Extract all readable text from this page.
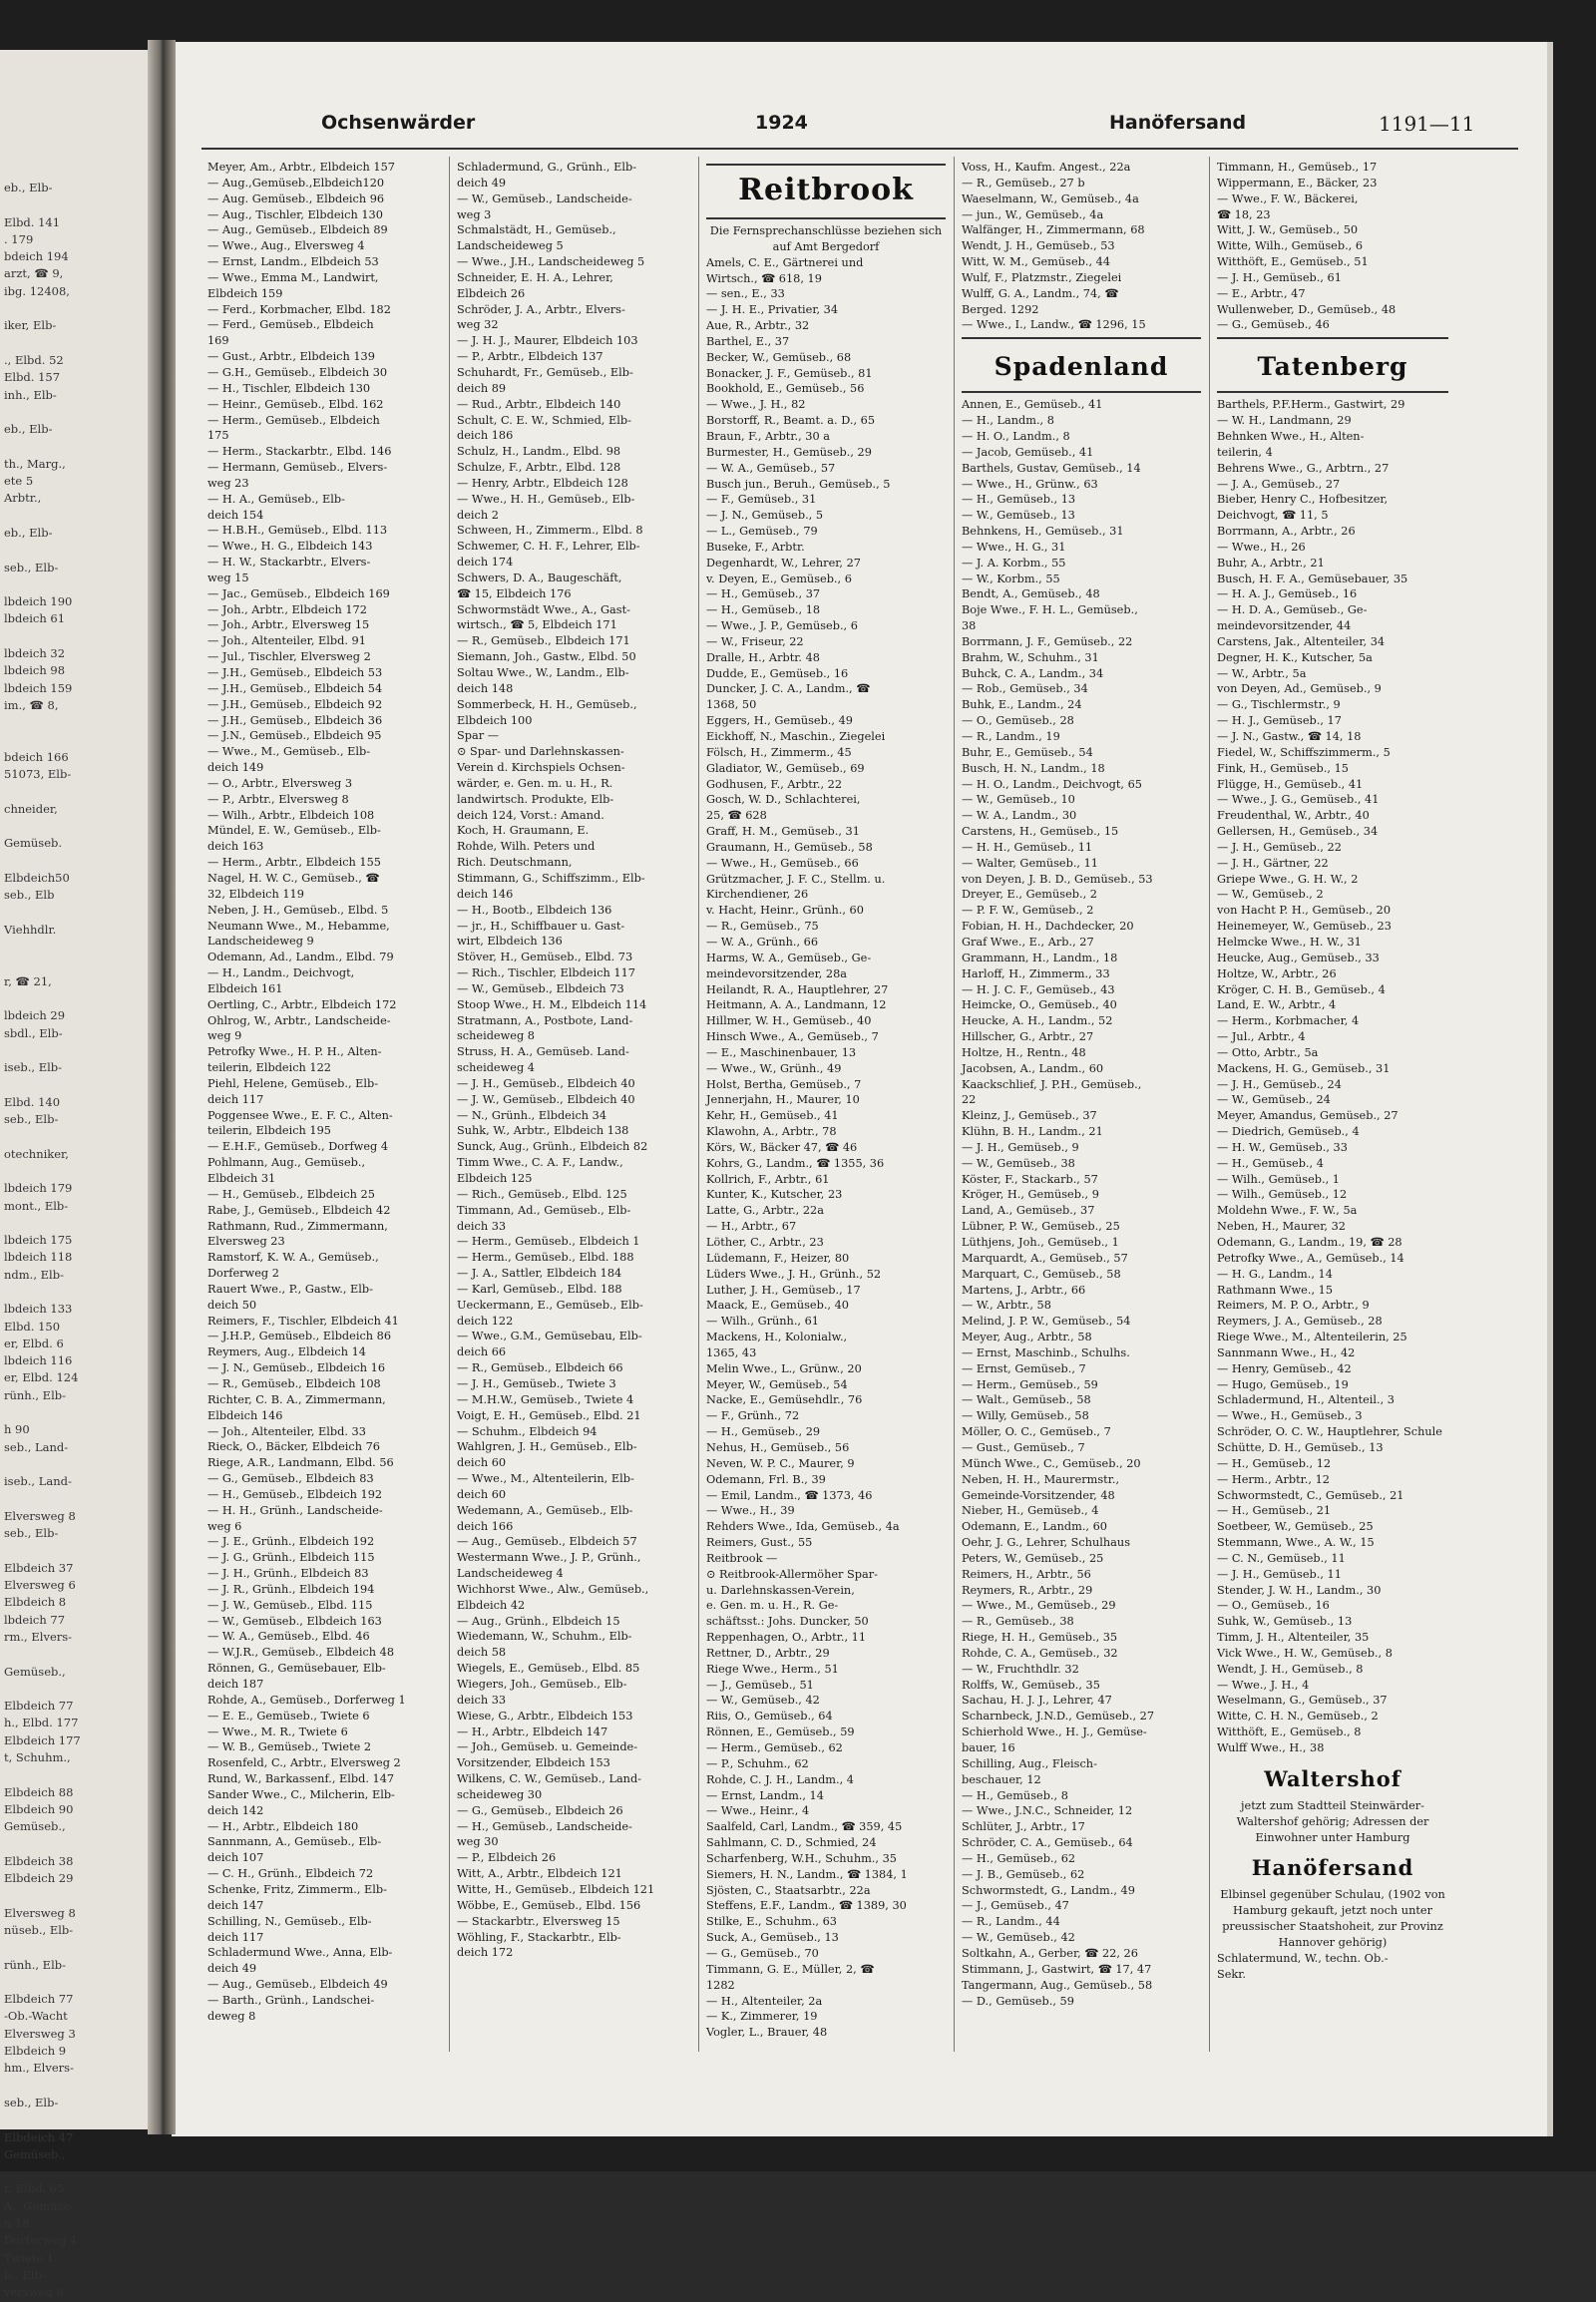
eb., Elb-
Elbd. 141
. 179
bdeich 194
arzt, ☎ 9,
ibg. 12408,
iker, Elb-
., Elbd. 52
Elbd. 157
inh., Elb-
eb., Elb-
th., Marg.,
ete 5
Arbtr.,
eb., Elb-
seb., Elb-
lbdeich 190
lbdeich 61
lbdeich 32
lbdeich 98
lbdeich 159
im., ☎ 8,
bdeich 166
51073, Elb-
chneider,
Gemüseb.
Elbdeich50
seb., Elb
Viehhdlr.
r, ☎ 21,
lbdeich 29
sbdl., Elb-
iseb., Elb-
Elbd. 140
seb., Elb-
otechniker,
lbdeich 179
mont., Elb-
lbdeich 175
lbdeich 118
ndm., Elb-
lbdeich 133
Elbd. 150
er, Elbd. 6
lbdeich 116
er, Elbd. 124
rünh., Elb-
h 90
seb., Land-
iseb., Land-
Elversweg 8
seb., Elb-
Elbdeich 37
Elversweg 6
Elbdeich 8
lbdeich 77
rm., Elvers-
Gemüseb.,
Elbdeich 77
h., Elbd. 177
Elbdeich 177
t, Schuhm.,
Elbdeich 88
Elbdeich 90
Gemüseb.,
Elbdeich 38
Elbdeich 29
Elversweg 8
nüseb., Elb-
rünh., Elb-
Elbdeich 77
-Ob.-Wacht
Elversweg 3
Elbdeich 9
hm., Elvers-
seb., Elb-
Elbdeich 47
Gemüseb.,
r, Elbd. 65
A., Gemüse-
n 18
Dorferweg 4
Twiete 1
b., Elb-
versweg 8
Ochsenwärder	1924	Hanöfersand	1191—11
Meyer, Am., Arbtr., Elbdeich 157
— Aug.,Gemüseb.,Elbdeich120
— Aug. Gemüseb., Elbdeich 96
— Aug., Tischler, Elbdeich 130
— Aug., Gemüseb., Elbdeich 89
— Wwe., Aug., Elversweg 4
— Ernst, Landm., Elbdeich 53
— Wwe., Emma M., Landwirt,
Elbdeich 159
— Ferd., Korbmacher, Elbd. 182
— Ferd., Gemüseb., Elbdeich
169
— Gust., Arbtr., Elbdeich 139
— G.H., Gemüseb., Elbdeich 30
— H., Tischler, Elbdeich 130
— Heinr., Gemüseb., Elbd. 162
— Herm., Gemüseb., Elbdeich
175
— Herm., Stackarbtr., Elbd. 146
— Hermann, Gemüseb., Elvers-
weg 23
— H. A., Gemüseb., Elb-
deich 154
— H.B.H., Gemüseb., Elbd. 113
— Wwe., H. G., Elbdeich 143
— H. W., Stackarbtr., Elvers-
weg 15
— Jac., Gemüseb., Elbdeich 169
— Joh., Arbtr., Elbdeich 172
— Joh., Arbtr., Elversweg 15
— Joh., Altenteiler, Elbd. 91
— Jul., Tischler, Elversweg 2
— J.H., Gemüseb., Elbdeich 53
— J.H., Gemüseb., Elbdeich 54
— J.H., Gemüseb., Elbdeich 92
— J.H., Gemüseb., Elbdeich 36
— J.N., Gemüseb., Elbdeich 95
— Wwe., M., Gemüseb., Elb-
deich 149
— O., Arbtr., Elversweg 3
— P., Arbtr., Elversweg 8
— Wilh., Arbtr., Elbdeich 108
Mündel, E. W., Gemüseb., Elb-
deich 163
— Herm., Arbtr., Elbdeich 155
Nagel, H. W. C., Gemüseb., ☎
32, Elbdeich 119
Neben, J. H., Gemüseb., Elbd. 5
Neumann Wwe., M., Hebamme,
Landscheideweg 9
Odemann, Ad., Landm., Elbd. 79
— H., Landm., Deichvogt,
Elbdeich 161
Oertling, C., Arbtr., Elbdeich 172
Ohlrog, W., Arbtr., Landscheide-
weg 9
Petrofky Wwe., H. P. H., Alten-
teilerin, Elbdeich 122
Piehl, Helene, Gemüseb., Elb-
deich 117
Poggensee Wwe., E. F. C., Alten-
teilerin, Elbdeich 195
— E.H.F., Gemüseb., Dorfweg 4
Pohlmann, Aug., Gemüseb.,
Elbdeich 31
— H., Gemüseb., Elbdeich 25
Rabe, J., Gemüseb., Elbdeich 42
Rathmann, Rud., Zimmermann,
Elversweg 23
Ramstorf, K. W. A., Gemüseb.,
Dorferweg 2
Rauert Wwe., P., Gastw., Elb-
deich 50
Reimers, F., Tischler, Elbdeich 41
— J.H.P., Gemüseb., Elbdeich 86
Reymers, Aug., Elbdeich 14
— J. N., Gemüseb., Elbdeich 16
— R., Gemüseb., Elbdeich 108
Richter, C. B. A., Zimmermann,
Elbdeich 146
— Joh., Altenteiler, Elbd. 33
Rieck, O., Bäcker, Elbdeich 76
Riege, A.R., Landmann, Elbd. 56
— G., Gemüseb., Elbdeich 83
— H., Gemüseb., Elbdeich 192
— H. H., Grünh., Landscheide-
weg 6
— J. E., Grünh., Elbdeich 192
— J. G., Grünh., Elbdeich 115
— J. H., Grünh., Elbdeich 83
— J. R., Grünh., Elbdeich 194
— J. W., Gemüseb., Elbd. 115
— W., Gemüseb., Elbdeich 163
— W. A., Gemüseb., Elbd. 46
— W.J.R., Gemüseb., Elbdeich 48
Rönnen, G., Gemüsebauer, Elb-
deich 187
Rohde, A., Gemüseb., Dorferweg 1
— E. E., Gemüseb., Twiete 6
— Wwe., M. R., Twiete 6
— W. B., Gemüseb., Twiete 2
Rosenfeld, C., Arbtr., Elversweg 2
Rund, W., Barkassenf., Elbd. 147
Sander Wwe., C., Milcherin, Elb-
deich 142
— H., Arbtr., Elbdeich 180
Sannmann, A., Gemüseb., Elb-
deich 107
— C. H., Grünh., Elbdeich 72
Schenke, Fritz, Zimmerm., Elb-
deich 147
Schilling, N., Gemüseb., Elb-
deich 117
Schladermund Wwe., Anna, Elb-
deich 49
— Aug., Gemüseb., Elbdeich 49
— Barth., Grünh., Landschei-
deweg 8
Schladermund, G., Grünh., Elb-
deich 49
— W., Gemüseb., Landscheide-
weg 3
Schmalstädt, H., Gemüseb.,
Landscheideweg 5
— Wwe., J.H., Landscheideweg 5
Schneider, E. H. A., Lehrer,
Elbdeich 26
Schröder, J. A., Arbtr., Elvers-
weg 32
— J. H. J., Maurer, Elbdeich 103
— P., Arbtr., Elbdeich 137
Schuhardt, Fr., Gemüseb., Elb-
deich 89
— Rud., Arbtr., Elbdeich 140
Schult, C. E. W., Schmied, Elb-
deich 186
Schulz, H., Landm., Elbd. 98
Schulze, F., Arbtr., Elbd. 128
— Henry, Arbtr., Elbdeich 128
— Wwe., H. H., Gemüseb., Elb-
deich 2
Schween, H., Zimmerm., Elbd. 8
Schwemer, C. H. F., Lehrer, Elb-
deich 174
Schwers, D. A., Baugeschäft,
☎ 15, Elbdeich 176
Schwormstädt Wwe., A., Gast-
wirtsch., ☎ 5, Elbdeich 171
— R., Gemüseb., Elbdeich 171
Siemann, Joh., Gastw., Elbd. 50
Soltau Wwe., W., Landm., Elb-
deich 148
Sommerbeck, H. H., Gemüseb.,
Elbdeich 100
Spar —
⊙ Spar- und Darlehnskassen-
Verein d. Kirchspiels Ochsen-
wärder, e. Gen. m. u. H., R.
landwirtsch. Produkte, Elb-
deich 124, Vorst.: Amand.
Koch, H. Graumann, E.
Rohde, Wilh. Peters und
Rich. Deutschmann,
Stimmann, G., Schiffszimm., Elb-
deich 146
— H., Bootb., Elbdeich 136
— jr., H., Schiffbauer u. Gast-
wirt, Elbdeich 136
Stöver, H., Gemüseb., Elbd. 73
— Rich., Tischler, Elbdeich 117
— W., Gemüseb., Elbdeich 73
Stoop Wwe., H. M., Elbdeich 114
Stratmann, A., Postbote, Land-
scheideweg 8
Struss, H. A., Gemüseb. Land-
scheideweg 4
— J. H., Gemüseb., Elbdeich 40
— J. W., Gemüseb., Elbdeich 40
— N., Grünh., Elbdeich 34
Suhk, W., Arbtr., Elbdeich 138
Sunck, Aug., Grünh., Elbdeich 82
Timm Wwe., C. A. F., Landw.,
Elbdeich 125
— Rich., Gemüseb., Elbd. 125
Timmann, Ad., Gemüseb., Elb-
deich 33
— Herm., Gemüseb., Elbdeich 1
— Herm., Gemüseb., Elbd. 188
— J. A., Sattler, Elbdeich 184
— Karl, Gemüseb., Elbd. 188
Ueckermann, E., Gemüseb., Elb-
deich 122
— Wwe., G.M., Gemüsebau, Elb-
deich 66
— R., Gemüseb., Elbdeich 66
— J. H., Gemüseb., Twiete 3
— M.H.W., Gemüseb., Twiete 4
Voigt, E. H., Gemüseb., Elbd. 21
— Schuhm., Elbdeich 94
Wahlgren, J. H., Gemüseb., Elb-
deich 60
— Wwe., M., Altenteilerin, Elb-
deich 60
Wedemann, A., Gemüseb., Elb-
deich 166
— Aug., Gemüseb., Elbdeich 57
Westermann Wwe., J. P., Grünh.,
Landscheideweg 4
Wichhorst Wwe., Alw., Gemüseb.,
Elbdeich 42
— Aug., Grünh., Elbdeich 15
Wiedemann, W., Schuhm., Elb-
deich 58
Wiegels, E., Gemüseb., Elbd. 85
Wiegers, Joh., Gemüseb., Elb-
deich 33
Wiese, G., Arbtr., Elbdeich 153
— H., Arbtr., Elbdeich 147
— Joh., Gemüseb. u. Gemeinde-
Vorsitzender, Elbdeich 153
Wilkens, C. W., Gemüseb., Land-
scheideweg 30
— G., Gemüseb., Elbdeich 26
— H., Gemüseb., Landscheide-
weg 30
— P., Elbdeich 26
Witt, A., Arbtr., Elbdeich 121
Witte, H., Gemüseb., Elbdeich 121
Wöbbe, E., Gemüseb., Elbd. 156
— Stackarbtr., Elversweg 15
Wöhling, F., Stackarbtr., Elb-
deich 172
Reitbrook
Die Fernsprechanschlüsse beziehen sich auf Amt Bergedorf
Amels, C. E., Gärtnerei und
Wirtsch., ☎ 618, 19
— sen., E., 33
— J. H. E., Privatier, 34
Aue, R., Arbtr., 32
Barthel, E., 37
Becker, W., Gemüseb., 68
Bonacker, J. F., Gemüseb., 81
Bookhold, E., Gemüseb., 56
— Wwe., J. H., 82
Borstorff, R., Beamt. a. D., 65
Braun, F., Arbtr., 30 a
Burmester, H., Gemüseb., 29
— W. A., Gemüseb., 57
Busch jun., Beruh., Gemüseb., 5
— F., Gemüseb., 31
— J. N., Gemüseb., 5
— L., Gemüseb., 79
Buseke, F., Arbtr.
Degenhardt, W., Lehrer, 27
v. Deyen, E., Gemüseb., 6
— H., Gemüseb., 37
— H., Gemüseb., 18
— Wwe., J. P., Gemüseb., 6
— W., Friseur, 22
Dralle, H., Arbtr. 48
Dudde, E., Gemüseb., 16
Duncker, J. C. A., Landm., ☎
1368, 50
Eggers, H., Gemüseb., 49
Eickhoff, N., Maschin., Ziegelei
Fölsch, H., Zimmerm., 45
Gladiator, W., Gemüseb., 69
Godhusen, F., Arbtr., 22
Gosch, W. D., Schlachterei,
25, ☎ 628
Graff, H. M., Gemüseb., 31
Graumann, H., Gemüseb., 58
— Wwe., H., Gemüseb., 66
Grützmacher, J. F. C., Stellm. u.
Kirchendiener, 26
v. Hacht, Heinr., Grünh., 60
— R., Gemüseb., 75
— W. A., Grünh., 66
Harms, W. A., Gemüseb., Ge-
meindevorsitzender, 28a
Heilandt, R. A., Hauptlehrer, 27
Heitmann, A. A., Landmann, 12
Hillmer, W. H., Gemüseb., 40
Hinsch Wwe., A., Gemüseb., 7
— E., Maschinenbauer, 13
— Wwe., W., Grünh., 49
Holst, Bertha, Gemüseb., 7
Jennerjahn, H., Maurer, 10
Kehr, H., Gemüseb., 41
Klawohn, A., Arbtr., 78
Körs, W., Bäcker 47, ☎ 46
Kohrs, G., Landm., ☎ 1355, 36
Kollrich, F., Arbtr., 61
Kunter, K., Kutscher, 23
Latte, G., Arbtr., 22a
— H., Arbtr., 67
Löther, C., Arbtr., 23
Lüdemann, F., Heizer, 80
Lüders Wwe., J. H., Grünh., 52
Luther, J. H., Gemüseb., 17
Maack, E., Gemüseb., 40
— Wilh., Grünh., 61
Mackens, H., Kolonialw.,
1365, 43
Melin Wwe., L., Grünw., 20
Meyer, W., Gemüseb., 54
Nacke, E., Gemüsehdlr., 76
— F., Grünh., 72
— H., Gemüseb., 29
Nehus, H., Gemüseb., 56
Neven, W. P. C., Maurer, 9
Odemann, Frl. B., 39
— Emil, Landm., ☎ 1373, 46
— Wwe., H., 39
Rehders Wwe., Ida, Gemüseb., 4a
Reimers, Gust., 55
Reitbrook —
⊙ Reitbrook-Allermöher Spar-
u. Darlehnskassen-Verein,
e. Gen. m. u. H., R. Ge-
schäftsst.: Johs. Duncker, 50
Reppenhagen, O., Arbtr., 11
Rettner, D., Arbtr., 29
Riege Wwe., Herm., 51
— J., Gemüseb., 51
— W., Gemüseb., 42
Riis, O., Gemüseb., 64
Rönnen, E., Gemüseb., 59
— Herm., Gemüseb., 62
— P., Schuhm., 62
Rohde, C. J. H., Landm., 4
— Ernst, Landm., 14
— Wwe., Heinr., 4
Saalfeld, Carl, Landm., ☎ 359, 45
Sahlmann, C. D., Schmied, 24
Scharfenberg, W.H., Schuhm., 35
Siemers, H. N., Landm., ☎ 1384, 1
Sjösten, C., Staatsarbtr., 22a
Steffens, E.F., Landm., ☎ 1389, 30
Stilke, E., Schuhm., 63
Suck, A., Gemüseb., 13
— G., Gemüseb., 70
Timmann, G. E., Müller, 2, ☎
1282
— H., Altenteiler, 2a
— K., Zimmerer, 19
Vogler, L., Brauer, 48
Voss, H., Kaufm. Angest., 22a
— R., Gemüseb., 27 b
Waeselmann, W., Gemüseb., 4a
— jun., W., Gemüseb., 4a
Walfänger, H., Zimmermann, 68
Wendt, J. H., Gemüseb., 53
Witt, W. M., Gemüseb., 44
Wulf, F., Platzmstr., Ziegelei
Wulff, G. A., Landm., 74, ☎
Berged. 1292
— Wwe., I., Landw., ☎ 1296, 15
Spadenland
Annen, E., Gemüseb., 41
— H., Landm., 8
— H. O., Landm., 8
— Jacob, Gemüseb., 41
Barthels, Gustav, Gemüseb., 14
— Wwe., H., Grünw., 63
— H., Gemüseb., 13
— W., Gemüseb., 13
Behnkens, H., Gemüseb., 31
— Wwe., H. G., 31
— J. A. Korbm., 55
— W., Korbm., 55
Bendt, A., Gemüseb., 48
Boje Wwe., F. H. L., Gemüseb.,
38
Borrmann, J. F., Gemüseb., 22
Brahm, W., Schuhm., 31
Buhck, C. A., Landm., 34
— Rob., Gemüseb., 34
Buhk, E., Landm., 24
— O., Gemüseb., 28
— R., Landm., 19
Buhr, E., Gemüseb., 54
Busch, H. N., Landm., 18
— H. O., Landm., Deichvogt, 65
— W., Gemüseb., 10
— W. A., Landm., 30
Carstens, H., Gemüseb., 15
— H. H., Gemüseb., 11
— Walter, Gemüseb., 11
von Deyen, J. B. D., Gemüseb., 53
Dreyer, E., Gemüseb., 2
— P. F. W., Gemüseb., 2
Fobian, H. H., Dachdecker, 20
Graf Wwe., E., Arb., 27
Grammann, H., Landm., 18
Harloff, H., Zimmerm., 33
— H. J. C. F., Gemüseb., 43
Heimcke, O., Gemüseb., 40
Heucke, A. H., Landm., 52
Hillscher, G., Arbtr., 27
Holtze, H., Rentn., 48
Jacobsen, A., Landm., 60
Kaackschlief, J. P.H., Gemüseb.,
22
Kleinz, J., Gemüseb., 37
Klühn, B. H., Landm., 21
— J. H., Gemüseb., 9
— W., Gemüseb., 38
Köster, F., Stackarb., 57
Kröger, H., Gemüseb., 9
Land, A., Gemüseb., 37
Lübner, P. W., Gemüseb., 25
Lüthjens, Joh., Gemüseb., 1
Marquardt, A., Gemüseb., 57
Marquart, C., Gemüseb., 58
Martens, J., Arbtr., 66
— W., Arbtr., 58
Melind, J. P. W., Gemüseb., 54
Meyer, Aug., Arbtr., 58
— Ernst, Maschinb., Schulhs.
— Ernst, Gemüseb., 7
— Herm., Gemüseb., 59
— Walt., Gemüseb., 58
— Willy, Gemüseb., 58
Möller, O. C., Gemüseb., 7
— Gust., Gemüseb., 7
Münch Wwe., C., Gemüseb., 20
Neben, H. H., Maurermstr.,
Gemeinde-Vorsitzender, 48
Nieber, H., Gemüseb., 4
Odemann, E., Landm., 60
Oehr, J. G., Lehrer, Schulhaus
Peters, W., Gemüseb., 25
Reimers, H., Arbtr., 56
Reymers, R., Arbtr., 29
— Wwe., M., Gemüseb., 29
— R., Gemüseb., 38
Riege, H. H., Gemüseb., 35
Rohde, C. A., Gemüseb., 32
— W., Fruchthdlr. 32
Rolffs, W., Gemüseb., 35
Sachau, H. J. J., Lehrer, 47
Scharnbeck, J.N.D., Gemüseb., 27
Schierhold Wwe., H. J., Gemüse-
bauer, 16
Schilling, Aug., Fleisch-
beschauer, 12
— H., Gemüseb., 8
— Wwe., J.N.C., Schneider, 12
Schlüter, J., Arbtr., 17
Schröder, C. A., Gemüseb., 64
— H., Gemüseb., 62
— J. B., Gemüseb., 62
Schwormstedt, G., Landm., 49
— J., Gemüseb., 47
— R., Landm., 44
— W., Gemüseb., 42
Soltkahn, A., Gerber, ☎ 22, 26
Stimmann, J., Gastwirt, ☎ 17, 47
Tangermann, Aug., Gemüseb., 58
— D., Gemüseb., 59
Timmann, H., Gemüseb., 17
Wippermann, E., Bäcker, 23
— Wwe., F. W., Bäckerei,
☎ 18, 23
Witt, J. W., Gemüseb., 50
Witte, Wilh., Gemüseb., 6
Witthöft, E., Gemüseb., 51
— J. H., Gemüseb., 61
— E., Arbtr., 47
Wullenweber, D., Gemüseb., 48
— G., Gemüseb., 46
Tatenberg
Barthels, P.F.Herm., Gastwirt, 29
— W. H., Landmann, 29
Behnken Wwe., H., Alten-
teilerin, 4
Behrens Wwe., G., Arbtrn., 27
— J. A., Gemüseb., 27
Bieber, Henry C., Hofbesitzer,
Deichvogt, ☎ 11, 5
Borrmann, A., Arbtr., 26
— Wwe., H., 26
Buhr, A., Arbtr., 21
Busch, H. F. A., Gemüsebauer, 35
— H. A. J., Gemüseb., 16
— H. D. A., Gemüseb., Ge-
meindevorsitzender, 44
Carstens, Jak., Altenteiler, 34
Degner, H. K., Kutscher, 5a
— W., Arbtr., 5a
von Deyen, Ad., Gemüseb., 9
— G., Tischlermstr., 9
— H. J., Gemüseb., 17
— J. N., Gastw., ☎ 14, 18
Fiedel, W., Schiffszimmerm., 5
Fink, H., Gemüseb., 15
Flügge, H., Gemüseb., 41
— Wwe., J. G., Gemüseb., 41
Freudenthal, W., Arbtr., 40
Gellersen, H., Gemüseb., 34
— J. H., Gemüseb., 22
— J. H., Gärtner, 22
Griepe Wwe., G. H. W., 2
— W., Gemüseb., 2
von Hacht P. H., Gemüseb., 20
Heinemeyer, W., Gemüseb., 23
Helmcke Wwe., H. W., 31
Heucke, Aug., Gemüseb., 33
Holtze, W., Arbtr., 26
Kröger, C. H. B., Gemüseb., 4
Land, E. W., Arbtr., 4
— Herm., Korbmacher, 4
— Jul., Arbtr., 4
— Otto, Arbtr., 5a
Mackens, H. G., Gemüseb., 31
— J. H., Gemüseb., 24
— W., Gemüseb., 24
Meyer, Amandus, Gemüseb., 27
— Diedrich, Gemüseb., 4
— H. W., Gemüseb., 33
— H., Gemüseb., 4
— Wilh., Gemüseb., 1
— Wilh., Gemüseb., 12
Moldehn Wwe., F. W., 5a
Neben, H., Maurer, 32
Odemann, G., Landm., 19, ☎ 28
Petrofky Wwe., A., Gemüseb., 14
— H. G., Landm., 14
Rathmann Wwe., 15
Reimers, M. P. O., Arbtr., 9
Reymers, J. A., Gemüseb., 28
Riege Wwe., M., Altenteilerin, 25
Sannmann Wwe., H., 42
— Henry, Gemüseb., 42
— Hugo, Gemüseb., 19
Schladermund, H., Altenteil., 3
— Wwe., H., Gemüseb., 3
Schröder, O. C. W., Hauptlehrer, Schule
Schütte, D. H., Gemüseb., 13
— H., Gemüseb., 12
— Herm., Arbtr., 12
Schwormstedt, C., Gemüseb., 21
— H., Gemüseb., 21
Soetbeer, W., Gemüseb., 25
Stemmann, Wwe., A. W., 15
— C. N., Gemüseb., 11
— J. H., Gemüseb., 11
Stender, J. W. H., Landm., 30
— O., Gemüseb., 16
Suhk, W., Gemüseb., 13
Timm, J. H., Altenteiler, 35
Vick Wwe., H. W., Gemüseb., 8
Wendt, J. H., Gemüseb., 8
— Wwe., J. H., 4
Weselmann, G., Gemüseb., 37
Witte, C. H. N., Gemüseb., 2
Witthöft, E., Gemüseb., 8
Wulff Wwe., H., 38
Waltershof
jetzt zum Stadtteil Steinwärder-Waltershof gehörig; Adressen der Einwohner unter Hamburg
Hanöfersand
Elbinsel gegenüber Schulau, (1902 von Hamburg gekauft, jetzt noch unter preussischer Staatshoheit, zur Provinz Hannover gehörig)
Schlatermund, W., techn. Ob.-
Sekr.
